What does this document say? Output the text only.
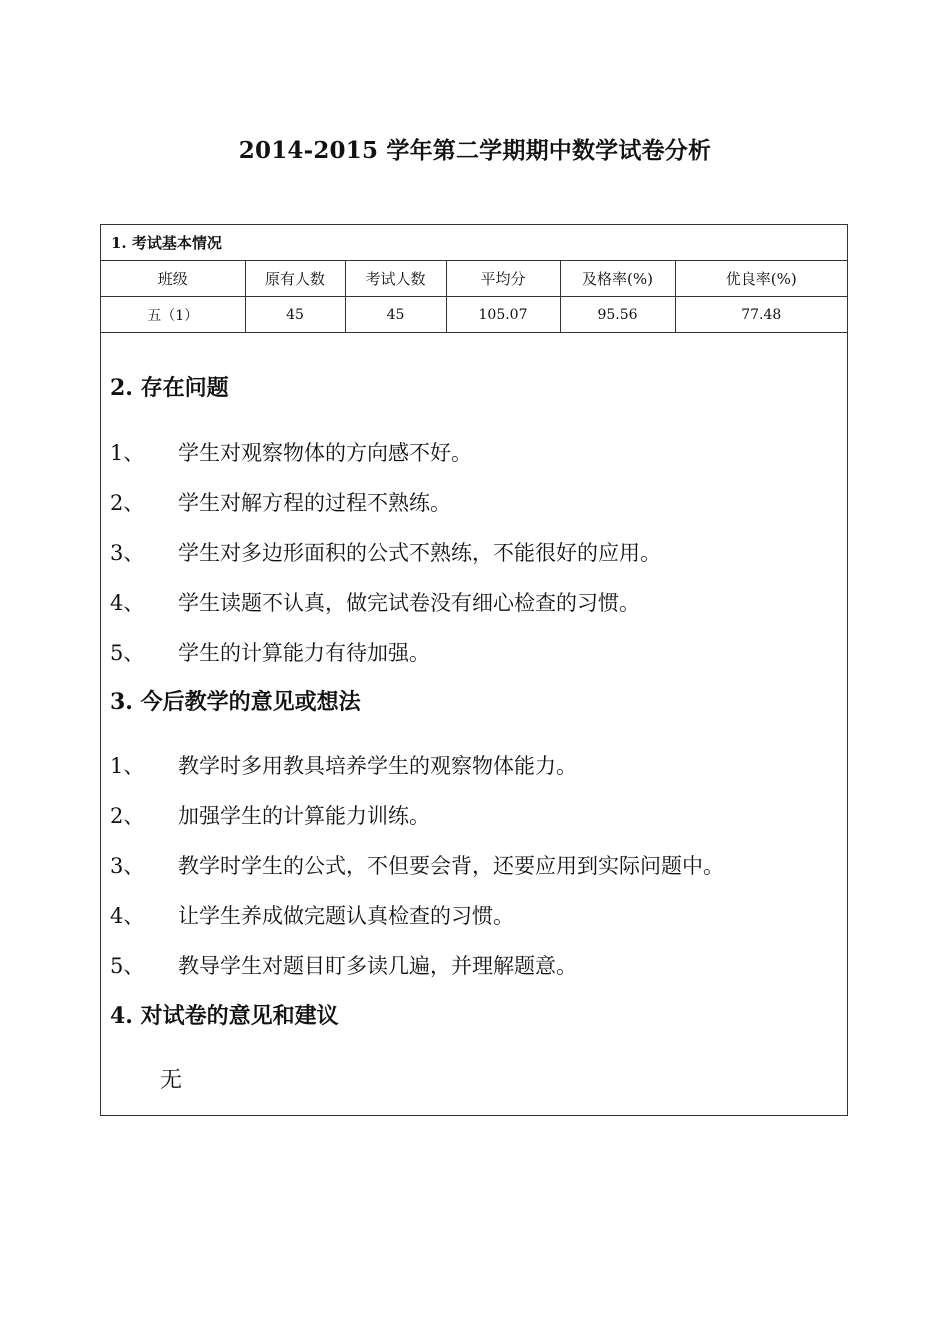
2014-2015 学年第二学期期中数学试卷分析
1. 考试基本情况
班级	原有人数	考试人数	平均分	及格率(%)	优良率(%)
五（1）	45	45	105.07	95.56	77.48
2. 存在问题
1、 学生对观察物体的方向感不好。
2、 学生对解方程的过程不熟练。
3、 学生对多边形面积的公式不熟练，不能很好的应用。
4、 学生读题不认真，做完试卷没有细心检查的习惯。
5、 学生的计算能力有待加强。
3. 今后教学的意见或想法
1、 教学时多用教具培养学生的观察物体能力。
2、 加强学生的计算能力训练。
3、 教学时学生的公式，不但要会背，还要应用到实际问题中。
4、 让学生养成做完题认真检查的习惯。
5、 教导学生对题目盯多读几遍，并理解题意。
4. 对试卷的意见和建议
无
